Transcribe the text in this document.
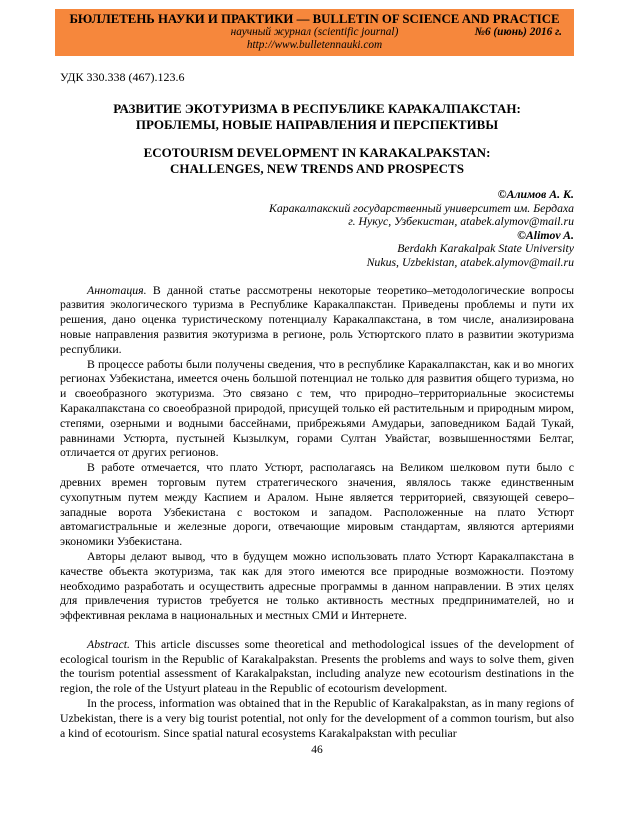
БЮЛЛЕТЕНЬ НАУКИ И ПРАКТИКИ — BULLETIN OF SCIENCE AND PRACTICE
научный журнал (scientific journal)	№6 (июнь) 2016 г.
http://www.bulletennauki.com
УДК 330.338 (467).123.6
РАЗВИТИЕ ЭКОТУРИЗМА В РЕСПУБЛИКЕ КАРАКАЛПАКСТАН:
ПРОБЛЕМЫ, НОВЫЕ НАПРАВЛЕНИЯ И ПЕРСПЕКТИВЫ
ECOTOURISM DEVELOPMENT IN KARAKALPAKSTAN:
CHALLENGES, NEW TRENDS AND PROSPECTS
©Алимов А. К.
Каракалпакский государственный университет им. Бердаха
г. Нукус, Узбекистан, atabek.alymov@mail.ru
©Alimov A.
Berdakh Karakalpak State University
Nukus, Uzbekistan, atabek.alymov@mail.ru

Аннотация. В данной статье рассмотрены некоторые теоретико–методологические вопросы развития экологического туризма в Республике Каракалпакстан. Приведены проблемы и пути их решения, дано оценка туристическому потенциалу Каракалпакстана, в том числе, анализирована новые направления развития экотуризма в регионе, роль Устюртского плато в развитии экотуризма республики.

В процессе работы были получены сведения, что в республике Каракалпакстан, как и во многих регионах Узбекистана, имеется очень большой потенциал не только для развития общего туризма, но и своеобразного экотуризма. Это связано с тем, что природно–территориальные экосистемы Каракалпакстана со своеобразной природой, присущей только ей растительным и природным миром, степями, озерными и водными бассейнами, прибрежьями Амударьи, заповедником Бадай Тукай, равнинами Устюрта, пустыней Кызылкум, горами Султан Увайстаг, возвышенностями Белтаг, отличается от других регионов.

В работе отмечается, что плато Устюрт, располагаясь на Великом шелковом пути было с древних времен торговым путем стратегического значения, являлось также единственным сухопутным путем между Каспием и Аралом. Ныне является территорией, связующей северо–западные ворота Узбекистана с востоком и западом. Расположенные на плато Устюрт автомагистральные и железные дороги, отвечающие мировым стандартам, являются артериями экономики Узбекистана.

Авторы делают вывод, что в будущем можно использовать плато Устюрт Каракалпакстана в качестве объекта экотуризма, так как для этого имеются все природные возможности. Поэтому необходимо разработать и осуществить адресные программы в данном направлении. В этих целях для привлечения туристов требуется не только активность местных предпринимателей, но и эффективная реклама в национальных и местных СМИ и Интернете.

Abstract. This article discusses some theoretical and methodological issues of the development of ecological tourism in the Republic of Karakalpakstan. Presents the problems and ways to solve them, given the tourism potential assessment of Karakalpakstan, including analyze new ecotourism destinations in the region, the role of the Ustyurt plateau in the Republic of ecotourism development.

In the process, information was obtained that in the Republic of Karakalpakstan, as in many regions of Uzbekistan, there is a very big tourist potential, not only for the development of a common tourism, but also a kind of ecotourism. Since spatial natural ecosystems Karakalpakstan with peculiar

46
